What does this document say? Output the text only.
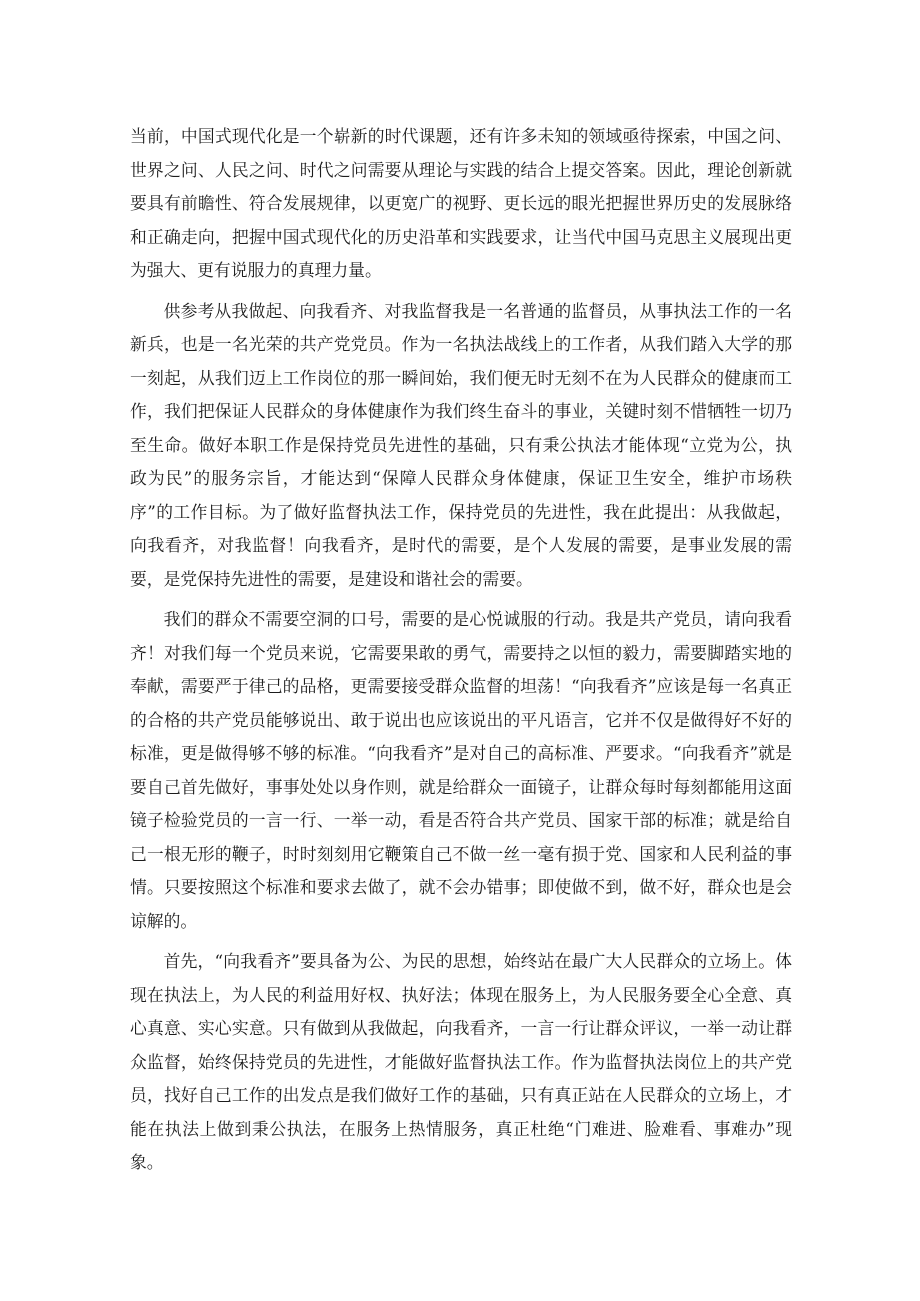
当前，中国式现代化是一个崭新的时代课题，还有许多未知的领域亟待探索，中国之问、世界之问、人民之问、时代之问需要从理论与实践的结合上提交答案。因此，理论创新就要具有前瞻性、符合发展规律，以更宽广的视野、更长远的眼光把握世界历史的发展脉络和正确走向，把握中国式现代化的历史沿革和实践要求，让当代中国马克思主义展现出更为强大、更有说服力的真理力量。

供参考从我做起、向我看齐、对我监督我是一名普通的监督员，从事执法工作的一名新兵，也是一名光荣的共产党党员。作为一名执法战线上的工作者，从我们踏入大学的那一刻起，从我们迈上工作岗位的那一瞬间始，我们便无时无刻不在为人民群众的健康而工作，我们把保证人民群众的身体健康作为我们终生奋斗的事业，关键时刻不惜牺牲一切乃至生命。做好本职工作是保持党员先进性的基础，只有秉公执法才能体现“立党为公，执政为民”的服务宗旨，才能达到“保障人民群众身体健康，保证卫生安全，维护市场秩序”的工作目标。为了做好监督执法工作，保持党员的先进性，我在此提出：从我做起，向我看齐，对我监督！向我看齐，是时代的需要，是个人发展的需要，是事业发展的需要，是党保持先进性的需要，是建设和谐社会的需要。

我们的群众不需要空洞的口号，需要的是心悦诚服的行动。我是共产党员，请向我看齐！对我们每一个党员来说，它需要果敢的勇气，需要持之以恒的毅力，需要脚踏实地的奉献，需要严于律己的品格，更需要接受群众监督的坦荡！“向我看齐”应该是每一名真正的合格的共产党员能够说出、敢于说出也应该说出的平凡语言，它并不仅是做得好不好的标准，更是做得够不够的标准。“向我看齐”是对自己的高标准、严要求。“向我看齐”就是要自己首先做好，事事处处以身作则，就是给群众一面镜子，让群众每时每刻都能用这面镜子检验党员的一言一行、一举一动，看是否符合共产党员、国家干部的标准；就是给自己一根无形的鞭子，时时刻刻用它鞭策自己不做一丝一毫有损于党、国家和人民利益的事情。只要按照这个标准和要求去做了，就不会办错事；即使做不到，做不好，群众也是会谅解的。

首先，“向我看齐”要具备为公、为民的思想，始终站在最广大人民群众的立场上。体现在执法上，为人民的利益用好权、执好法；体现在服务上，为人民服务要全心全意、真心真意、实心实意。只有做到从我做起，向我看齐，一言一行让群众评议，一举一动让群众监督，始终保持党员的先进性，才能做好监督执法工作。作为监督执法岗位上的共产党员，找好自己工作的出发点是我们做好工作的基础，只有真正站在人民群众的立场上，才能在执法上做到秉公执法，在服务上热情服务，真正杜绝“门难进、脸难看、事难办”现象。
